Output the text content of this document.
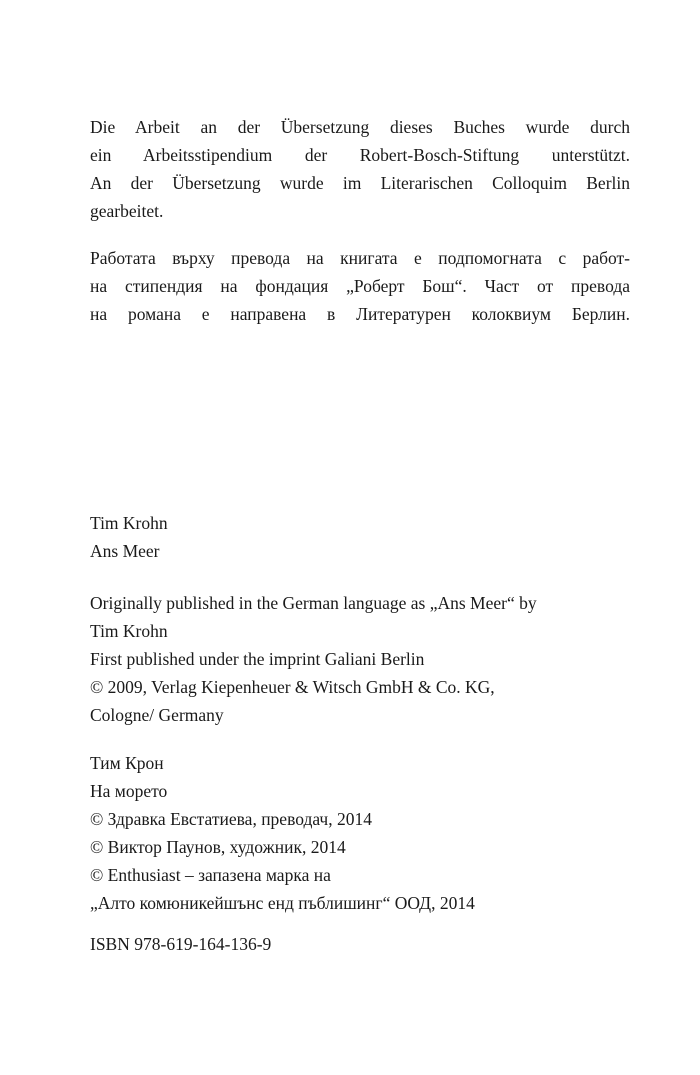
Die Arbeit an der Übersetzung dieses Buches wurde durch
ein Arbeitsstipendium der Robert-Bosch-Stiftung unterstützt.
An der Übersetzung wurde im Literarischen Colloquim Berlin
gearbeitet.
Работата върху превода на книгата е подпомогната с работ-
на стипендия на фондация „Роберт Бош“. Част от превода
на романа е направена в Литературен колоквиум Берлин.
Tim Krohn
Ans Meer
Originally published in the German language as „Ans Meer“ by
Tim Krohn
First published under the imprint Galiani Berlin
© 2009, Verlag Kiepenheuer & Witsch GmbH & Co. KG,
Cologne/ Germany
Тим Крон
На морето
© Здравка Евстатиева, преводач, 2014
© Виктор Паунов, художник, 2014
© Enthusiast – запазена марка на
„Алто комюникейшънс енд пъблишинг“ ООД, 2014
ISBN 978-619-164-136-9
